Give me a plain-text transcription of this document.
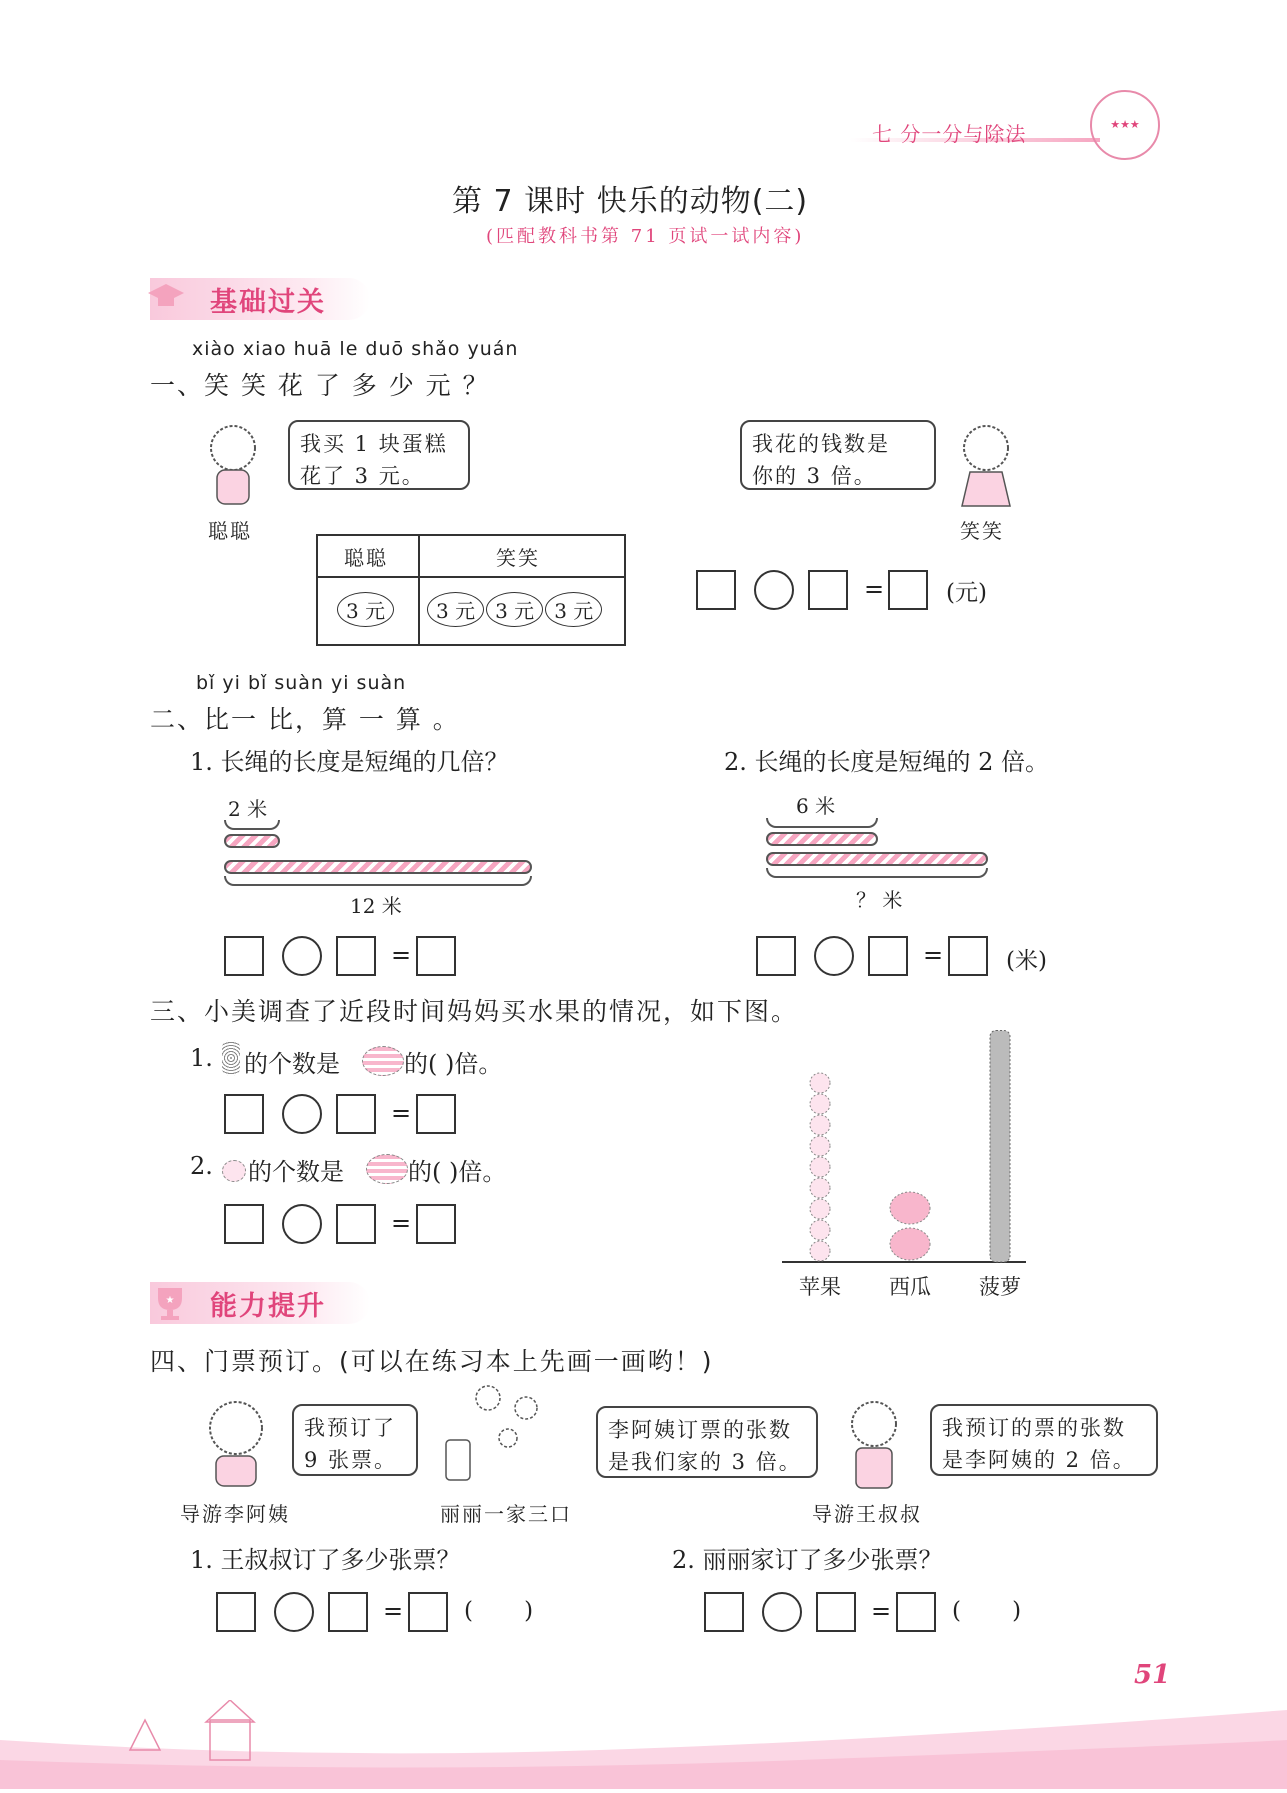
七 分一分与除法	★★★
第 7 课时 快乐的动物(二)
(匹配教科书第 71 页试一试内容)
基础过关
xiào xiao huā le duō shǎo yuán
一、笑 笑 花 了 多 少 元 ？
我买 1 块蛋糕
花了 3 元。
聪聪
我花的钱数是
你的 3 倍。
笑笑
聪聪	笑笑
3 元	3 元 3 元 3 元
=	(元)
bǐ yi bǐ suàn yi suàn
二、比一 比，算 一 算 。
1. 长绳的长度是短绳的几倍？	2. 长绳的长度是短绳的 2 倍。
2 米
12 米
=
6 米
？ 米
=	(米)
三、小美调查了近段时间妈妈买水果的情况，如下图。
1. 的个数是	的( )倍。
=
2. 的个数是	的( )倍。
=
苹果 西瓜 菠萝
★ 能力提升
四、门票预订。(可以在练习本上先画一画哟！)
我预订了
9 张票。
导游李阿姨
李阿姨订票的张数
是我们家的 3 倍。
丽丽一家三口
我预订的票的张数
是李阿姨的 2 倍。
导游王叔叔
1. 王叔叔订了多少张票？	2. 丽丽家订了多少张票？
=	(       )	=	(       )
51
